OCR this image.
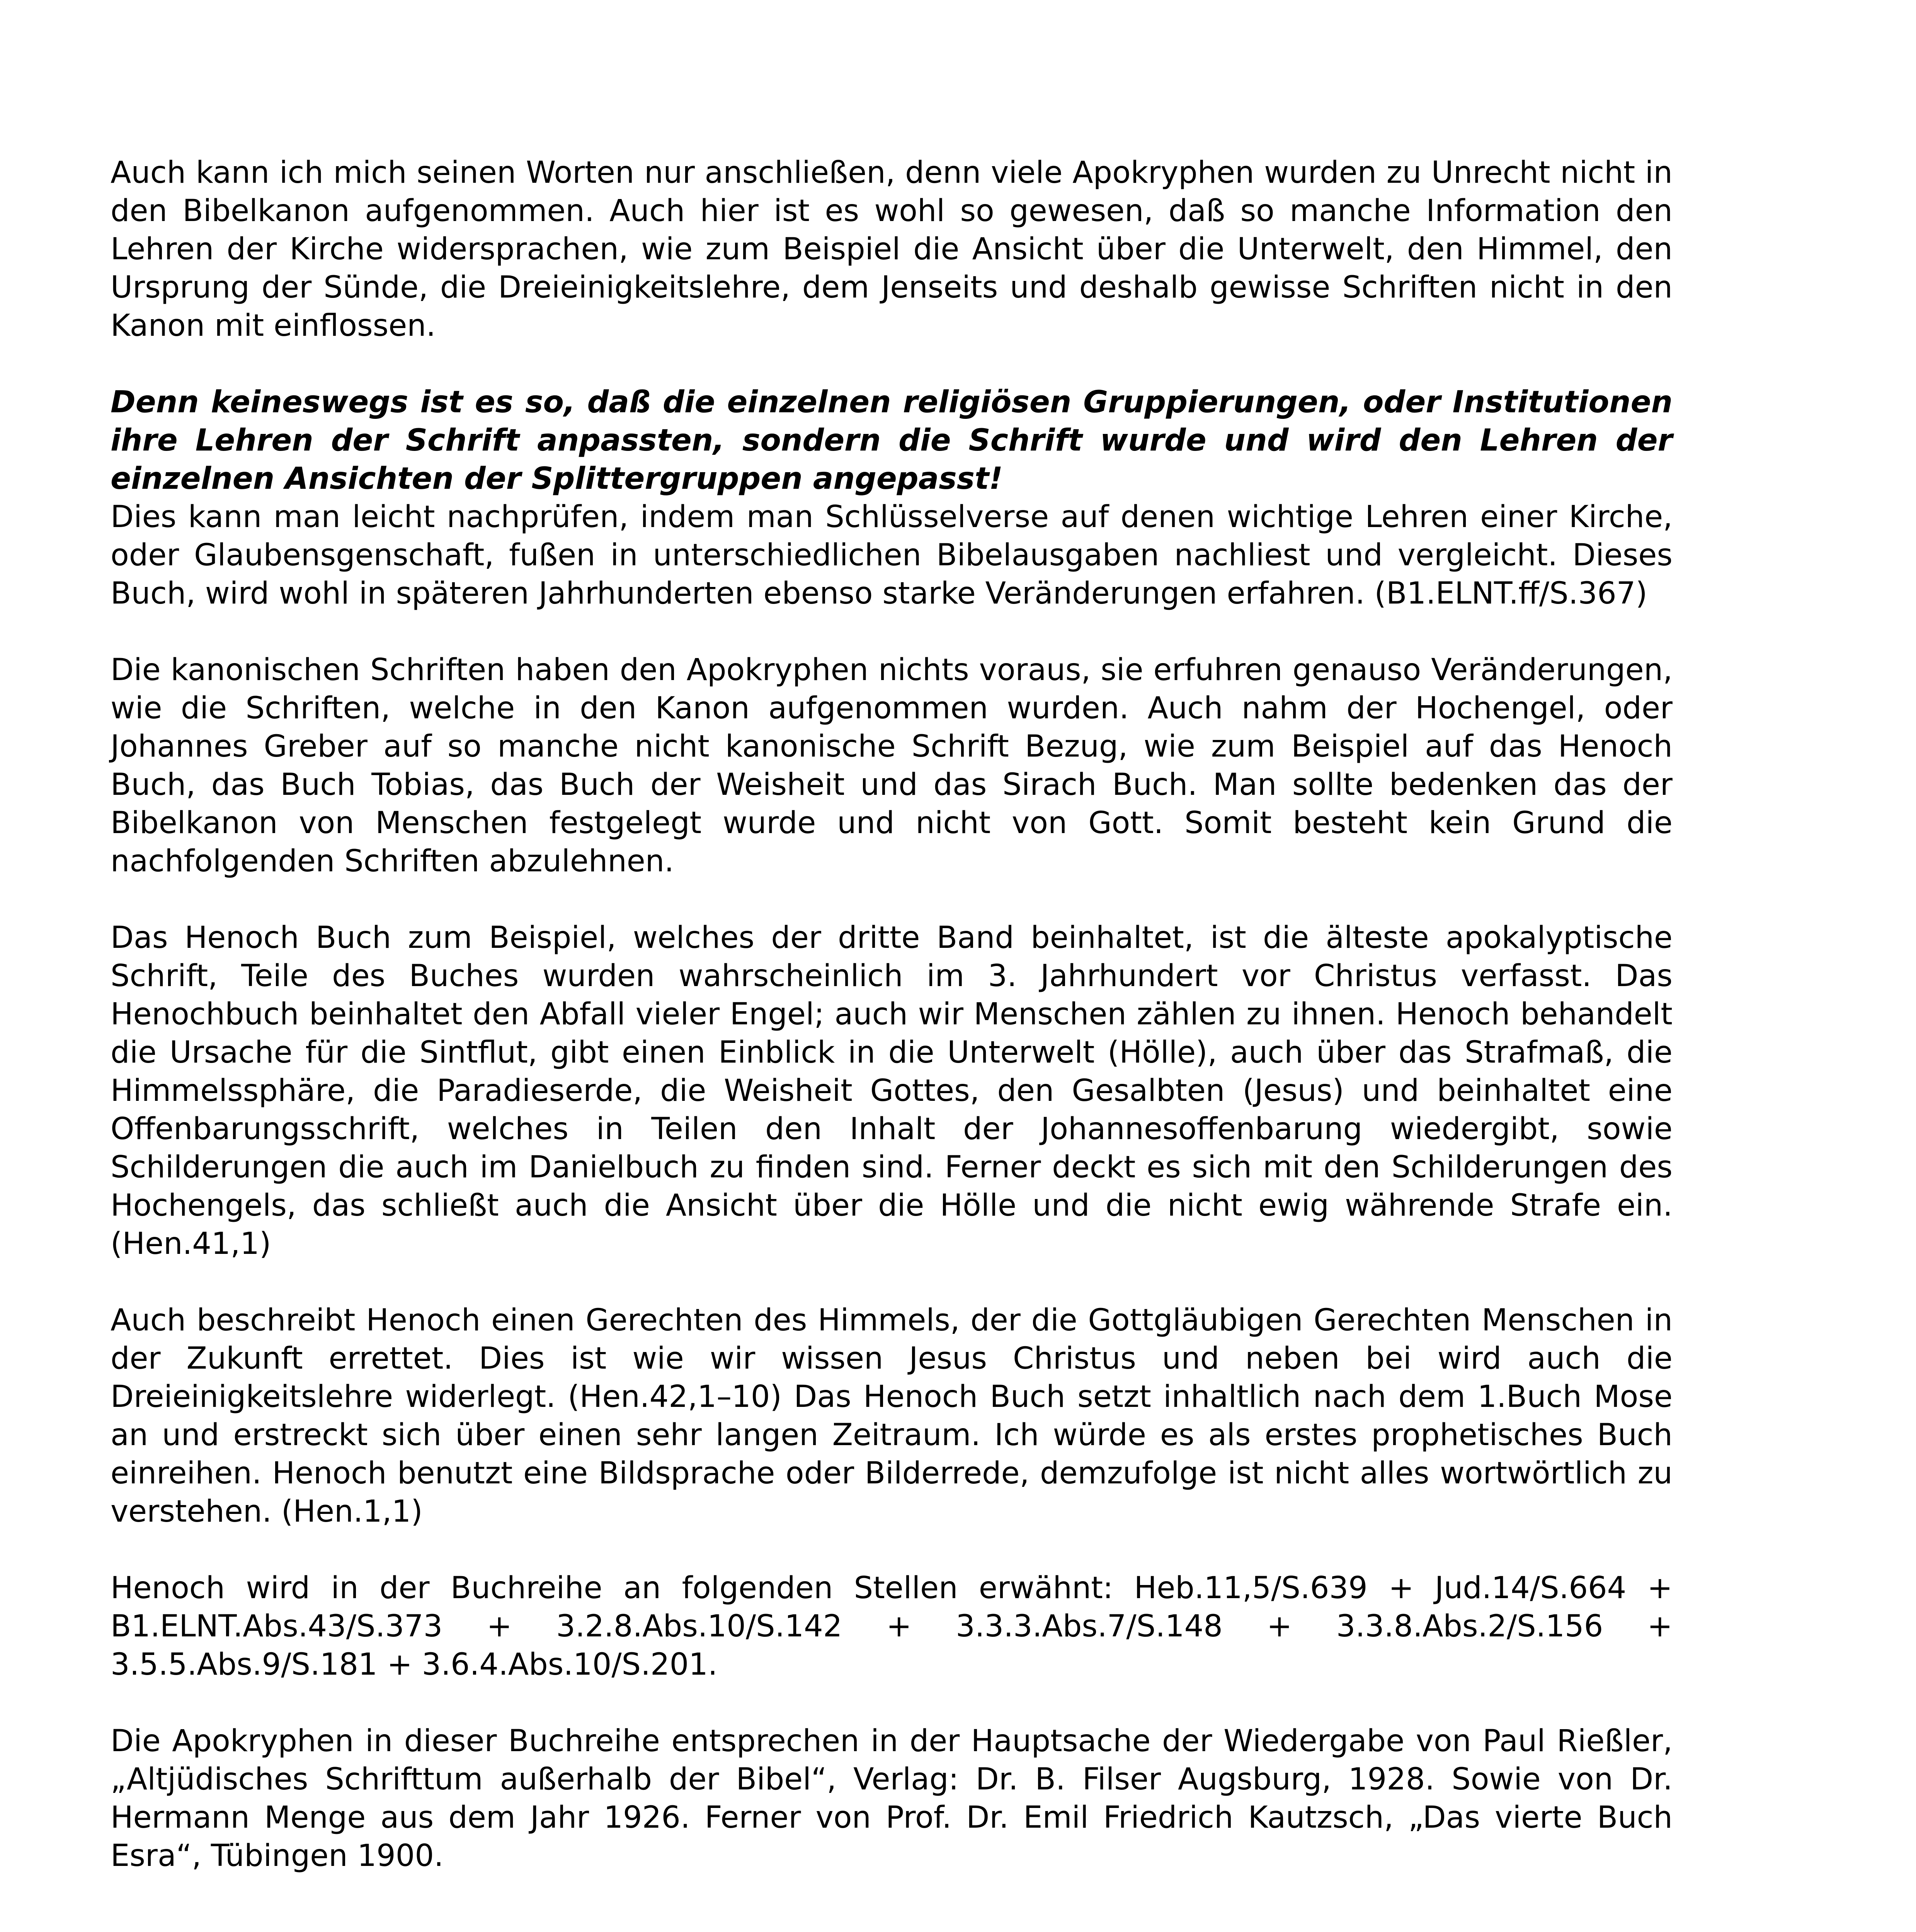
Auch kann ich mich seinen Worten nur anschließen, denn viele Apokryphen wurden zu Unrecht nicht in den Bibelkanon aufgenommen. Auch hier ist es wohl so gewesen, daß so manche Information den Lehren der Kirche widersprachen, wie zum Beispiel die Ansicht über die Unterwelt, den Himmel, den Ursprung der Sünde, die Dreieinigkeitslehre, dem Jenseits und deshalb gewisse Schriften nicht in den Kanon mit einflossen.

Denn keineswegs ist es so, daß die einzelnen religiösen Gruppierungen, oder Institutionen ihre Lehren der Schrift anpassten, sondern die Schrift wurde und wird den Lehren der einzelnen Ansichten der Splittergruppen angepasst!

Dies kann man leicht nachprüfen, indem man Schlüsselverse auf denen wichtige Lehren einer Kirche, oder Glaubensgenschaft, fußen in unterschiedlichen Bibelausgaben nachliest und vergleicht. Dieses Buch, wird wohl in späteren Jahrhunderten ebenso starke Veränderungen erfahren. (B1.ELNT.ff/S.367)

Die kanonischen Schriften haben den Apokryphen nichts voraus, sie erfuhren genauso Veränderungen, wie die Schriften, welche in den Kanon aufgenommen wurden. Auch nahm der Hochengel, oder Johannes Greber auf so manche nicht kanonische Schrift Bezug, wie zum Beispiel auf das Henoch Buch, das Buch Tobias, das Buch der Weisheit und das Sirach Buch. Man sollte bedenken das der Bibelkanon von Menschen festgelegt wurde und nicht von Gott. Somit besteht kein Grund die nachfolgenden Schriften abzulehnen.

Das Henoch Buch zum Beispiel, welches der dritte Band beinhaltet, ist die älteste apokalyptische Schrift, Teile des Buches wurden wahrscheinlich im 3. Jahrhundert vor Christus verfasst. Das Henochbuch beinhaltet den Abfall vieler Engel; auch wir Menschen zählen zu ihnen. Henoch behandelt die Ursache für die Sintflut, gibt einen Einblick in die Unterwelt (Hölle), auch über das Strafmaß, die Himmelssphäre, die Paradieserde, die Weisheit Gottes, den Gesalbten (Jesus) und beinhaltet eine Offenbarungsschrift, welches in Teilen den Inhalt der Johannesoffenbarung wiedergibt, sowie Schilderungen die auch im Danielbuch zu finden sind. Ferner deckt es sich mit den Schilderungen des Hochengels, das schließt auch die Ansicht über die Hölle und die nicht ewig währende Strafe ein. (Hen.41,1)

Auch beschreibt Henoch einen Gerechten des Himmels, der die Gottgläubigen Gerechten Menschen in der Zukunft errettet. Dies ist wie wir wissen Jesus Christus und neben bei wird auch die Dreieinigkeitslehre widerlegt. (Hen.42,1–10) Das Henoch Buch setzt inhaltlich nach dem 1.Buch Mose an und erstreckt sich über einen sehr langen Zeitraum. Ich würde es als erstes prophetisches Buch einreihen. Henoch benutzt eine Bildsprache oder Bilderrede, demzufolge ist nicht alles wortwörtlich zu verstehen. (Hen.1,1)

Henoch wird in der Buchreihe an folgenden Stellen erwähnt: Heb.11,5/S.639 + Jud.14/S.664 + B1.ELNT.Abs.43/S.373 + 3.2.8.Abs.10/S.142 + 3.3.3.Abs.7/S.148 + 3.3.8.Abs.2/S.156 + 3.5.5.Abs.9/S.181 + 3.6.4.Abs.10/S.201.

Die Apokryphen in dieser Buchreihe entsprechen in der Hauptsache der Wiedergabe von Paul Rießler, „Altjüdisches Schrifttum außerhalb der Bibel“, Verlag: Dr. B. Filser Augsburg, 1928. Sowie von Dr. Hermann Menge aus dem Jahr 1926. Ferner von Prof. Dr. Emil Friedrich Kautzsch, „Das vierte Buch Esra“, Tübingen 1900.
